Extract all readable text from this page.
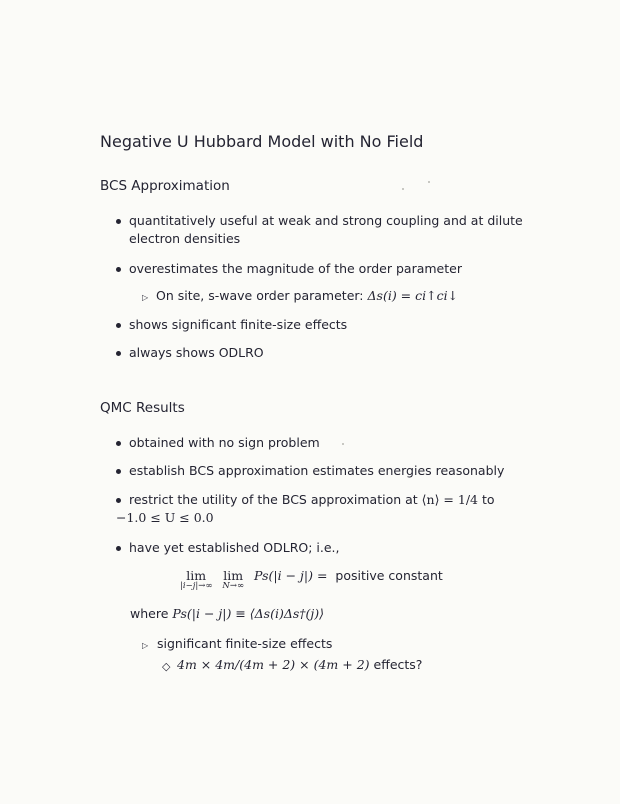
Negative U Hubbard Model with No Field
BCS Approximation
quantitatively useful at weak and strong coupling and at dilute
electron densities
overestimates the magnitude of the order parameter
▷ On site, s-wave order parameter: Δs(i) = ci↑ci↓
shows significant finite-size effects
always shows ODLRO
QMC Results
obtained with no sign problem
establish BCS approximation estimates energies reasonably
restrict the utility of the BCS approximation at ⟨n⟩ = 1/4 to
−1.0 ≤ U ≤ 0.0
have yet established ODLRO; i.e.,
lim
|i−j|→∞

lim
N→∞
Ps(|i − j|) = positive constant
where Ps(|i − j|) ≡ ⟨Δs(i)Δs†(j)⟩
▷ significant finite-size effects
◇ 4m × 4m/(4m + 2) × (4m + 2) effects?
